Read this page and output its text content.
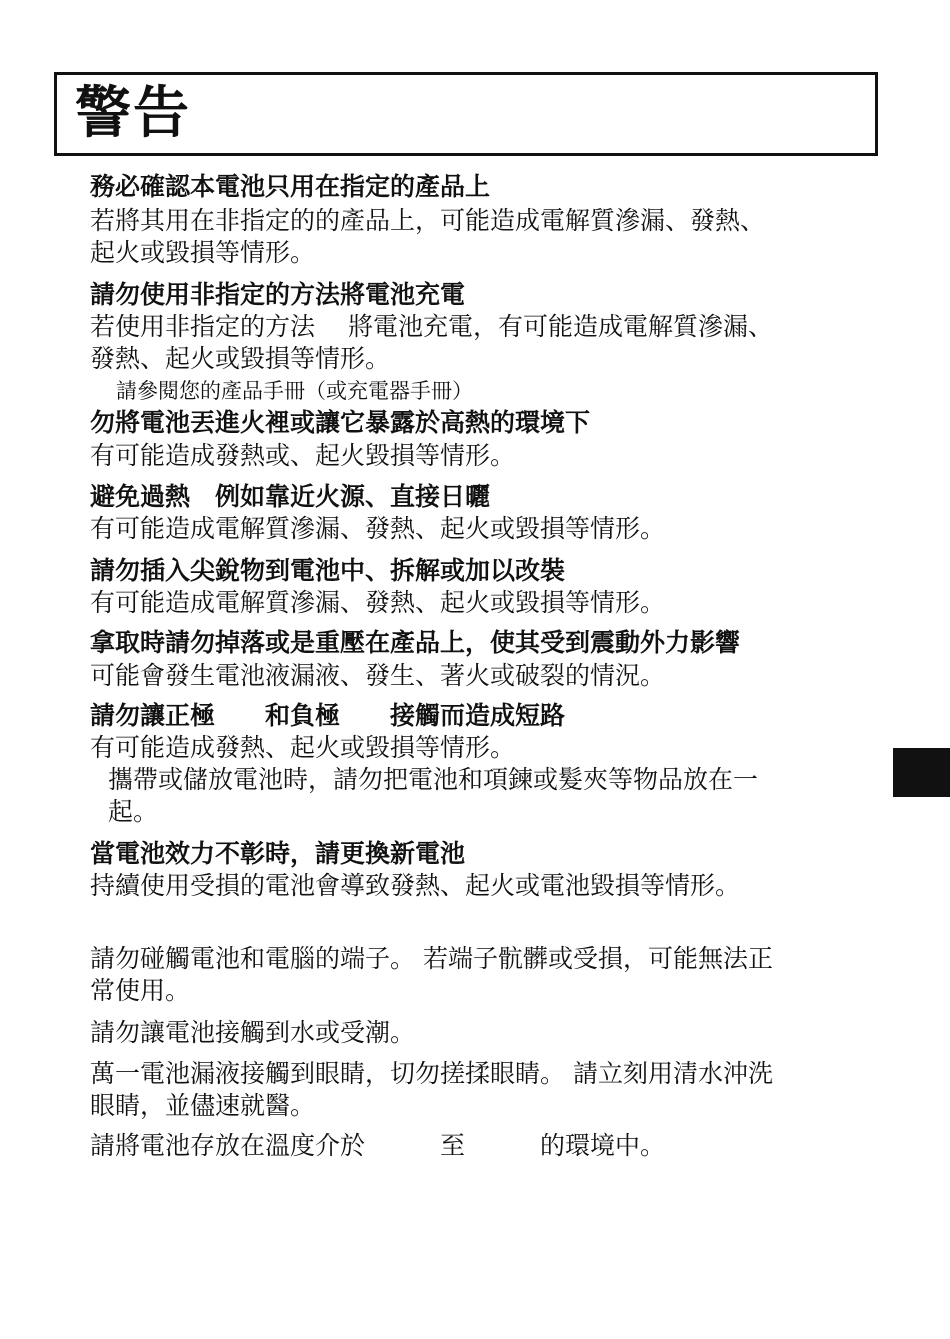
警告
務必確認本電池只用在指定的產品上
若將其用在非指定的的產品上，可能造成電解質滲漏、發熱、
起火或毀損等情形。
請勿使用非指定的方法將電池充電
若使用非指定的方法　 將電池充電，有可能造成電解質滲漏、
發熱、起火或毀損等情形。
請參閱您的產品手冊（或充電器手冊）
勿將電池丟進火裡或讓它暴露於高熱的環境下
有可能造成發熱或、起火毀損等情形。
避免過熱　例如靠近火源、直接日曬
有可能造成電解質滲漏、發熱、起火或毀損等情形。
請勿插入尖銳物到電池中、拆解或加以改裝
有可能造成電解質滲漏、發熱、起火或毀損等情形。
拿取時請勿掉落或是重壓在產品上，使其受到震動外力影響
可能會發生電池液漏液、發生、著火或破裂的情況。
請勿讓正極　　和負極　　接觸而造成短路
有可能造成發熱、起火或毀損等情形。
攜帶或儲放電池時，請勿把電池和項鍊或髮夾等物品放在一
起。
當電池效力不彰時，請更換新電池
持續使用受損的電池會導致發熱、起火或電池毀損等情形。
請勿碰觸電池和電腦的端子。 若端子骯髒或受損，可能無法正
常使用。
請勿讓電池接觸到水或受潮。
萬一電池漏液接觸到眼睛，切勿搓揉眼睛。 請立刻用清水沖洗
眼睛，並儘速就醫。
請將電池存放在溫度介於　　　至　　　的環境中。
